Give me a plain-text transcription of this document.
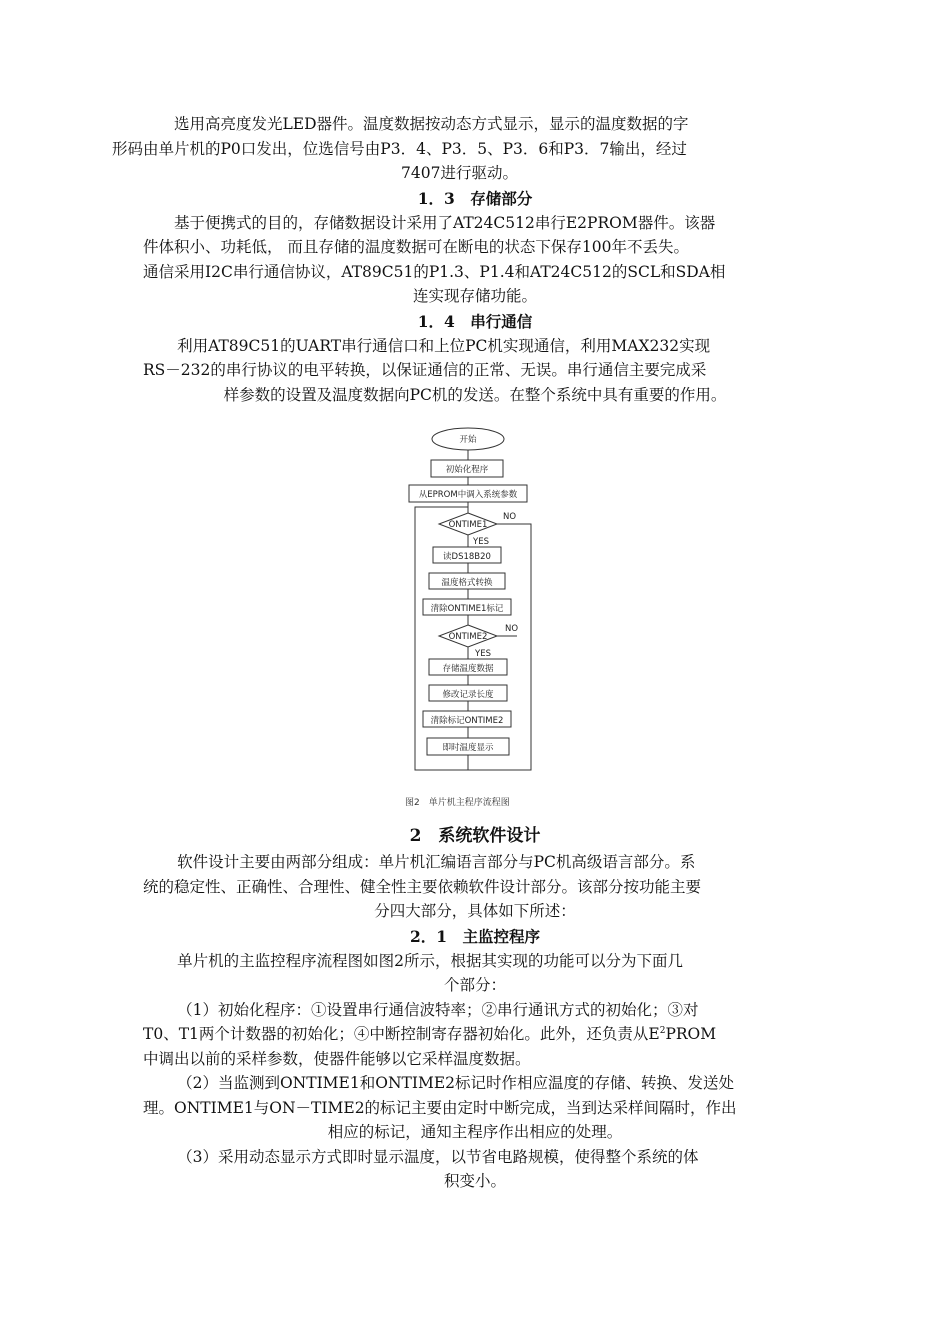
选用高亮度发光LED器件。温度数据按动态方式显示，显示的温度数据的字
形码由单片机的P0口发出，位选信号由P3．4、P3．5、P3．6和P3．7输出，经过

7407进行驱动。

1．3　存储部分

基于便携式的目的，存储数据设计采用了AT24C512串行E2PROM器件。该器
件体积小、功耗低， 而且存储的温度数据可在断电的状态下保存100年不丢失。
通信采用I2C串行通信协议，AT89C51的P1.3、P1.4和AT24C512的SCL和SDA相

连实现存储功能。

1．4　串行通信

利用AT89C51的UART串行通信口和上位PC机实现通信，利用MAX232实现
RS－232的串行协议的电平转换，以保证通信的正常、无误。串行通信主要完成采

样参数的设置及温度数据向PC机的发送。在整个系统中具有重要的作用。

开始
初始化程序
从EPROM中调入系统参数
ONTIME1
NO
YES
读DS18B20
温度格式转换
清除ONTIME1标记
ONTIME2
NO
YES
存储温度数据
修改记录长度
清除标记ONTIME2
即时温度显示
图2　单片机主程序流程图

2　系统软件设计

软件设计主要由两部分组成：单片机汇编语言部分与PC机高级语言部分。系
统的稳定性、正确性、合理性、健全性主要依赖软件设计部分。该部分按功能主要

分四大部分，具体如下所述：

2．1　主监控程序

单片机的主监控程序流程图如图2所示，根据其实现的功能可以分为下面几

个部分：

（1）初始化程序：①设置串行通信波特率；②串行通讯方式的初始化；③对
T0、T1两个计数器的初始化；④中断控制寄存器初始化。此外，还负责从$E^2PROM$
中调出以前的采样参数，使器件能够以它采样温度数据。

（2）当监测到ONTIME1和ONTIME2标记时作相应温度的存储、转换、发送处
理。ONTIME1与ON－TIME2的标记主要由定时中断完成，当到达采样间隔时，作出

相应的标记，通知主程序作出相应的处理。

（3）采用动态显示方式即时显示温度，以节省电路规模，使得整个系统的体

积变小。
